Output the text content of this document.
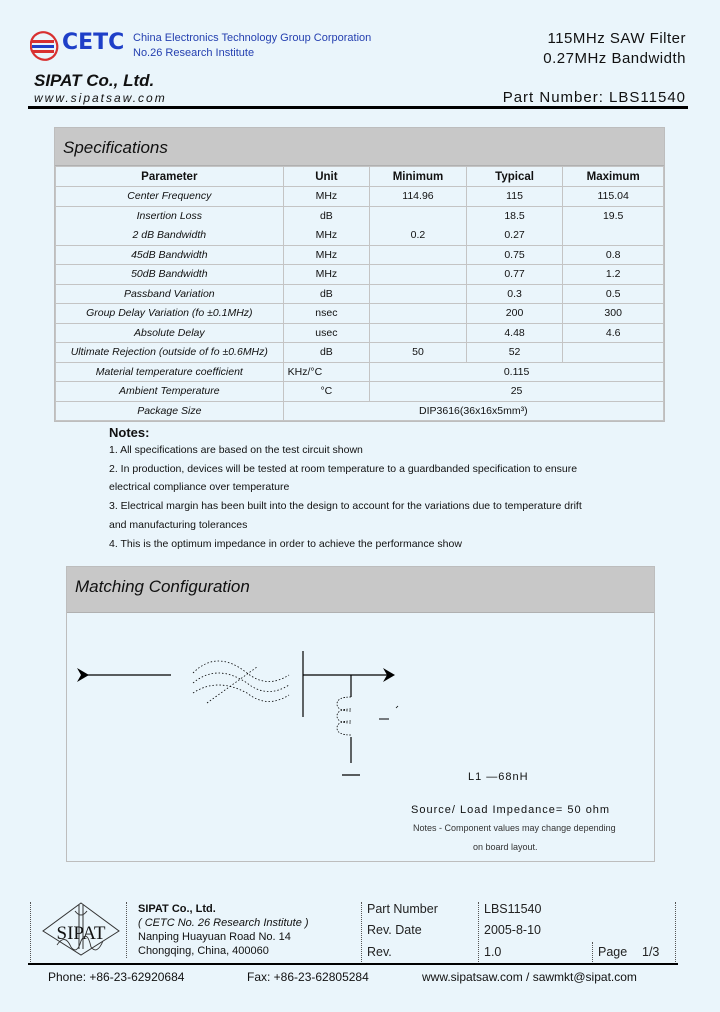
CETC China Electronics Technology Group Corporation
No.26 Research Institute
SIPAT Co., Ltd.
www.sipatsaw.com
115MHz SAW Filter
0.27MHz Bandwidth
Part Number: LBS11540
Specifications
Parameter	Unit	Minimum	Typical	Maximum
Center Frequency	MHz	114.96	115	115.04
Insertion Loss	dB		18.5	19.5
2 dB Bandwidth	MHz	0.2	0.27	
45dB Bandwidth	MHz		0.75	0.8
50dB Bandwidth	MHz		0.77	1.2
Passband Variation	dB		0.3	0.5
Group Delay Variation (fo ±0.1MHz)	nsec		200	300
Absolute Delay	usec		4.48	4.6
Ultimate Rejection (outside of fo ±0.6MHz)	dB	50	52	
Material temperature coefficient	KHz/°C	0.115		
Ambient Temperature	°C	25		
Package Size	DIP3616(36x16x5mm³)			
Notes:
1. All specifications are based on the test circuit shown
2. In production, devices will be tested at room temperature to a guardbanded specification to ensure
electrical compliance over temperature
3. Electrical margin has been built into the design to account for the variations due to temperature drift
and manufacturing tolerances
4. This is the optimum impedance in order to achieve the performance show
Matching Configuration
L1 —68nH
Source/ Load Impedance= 50 ohm
Notes - Component values may change depending
on board layout.
SIPAT
SIPAT Co., Ltd.
( CETC No. 26 Research Institute )
Nanping Huayuan Road No. 14
Chongqing, China, 400060
Part Number	LBS11540
Rev. Date	2005-8-10
Rev.	1.0	Page 1/3
Phone: +86-23-62920684	Fax: +86-23-62805284	www.sipatsaw.com / sawmkt@sipat.com
